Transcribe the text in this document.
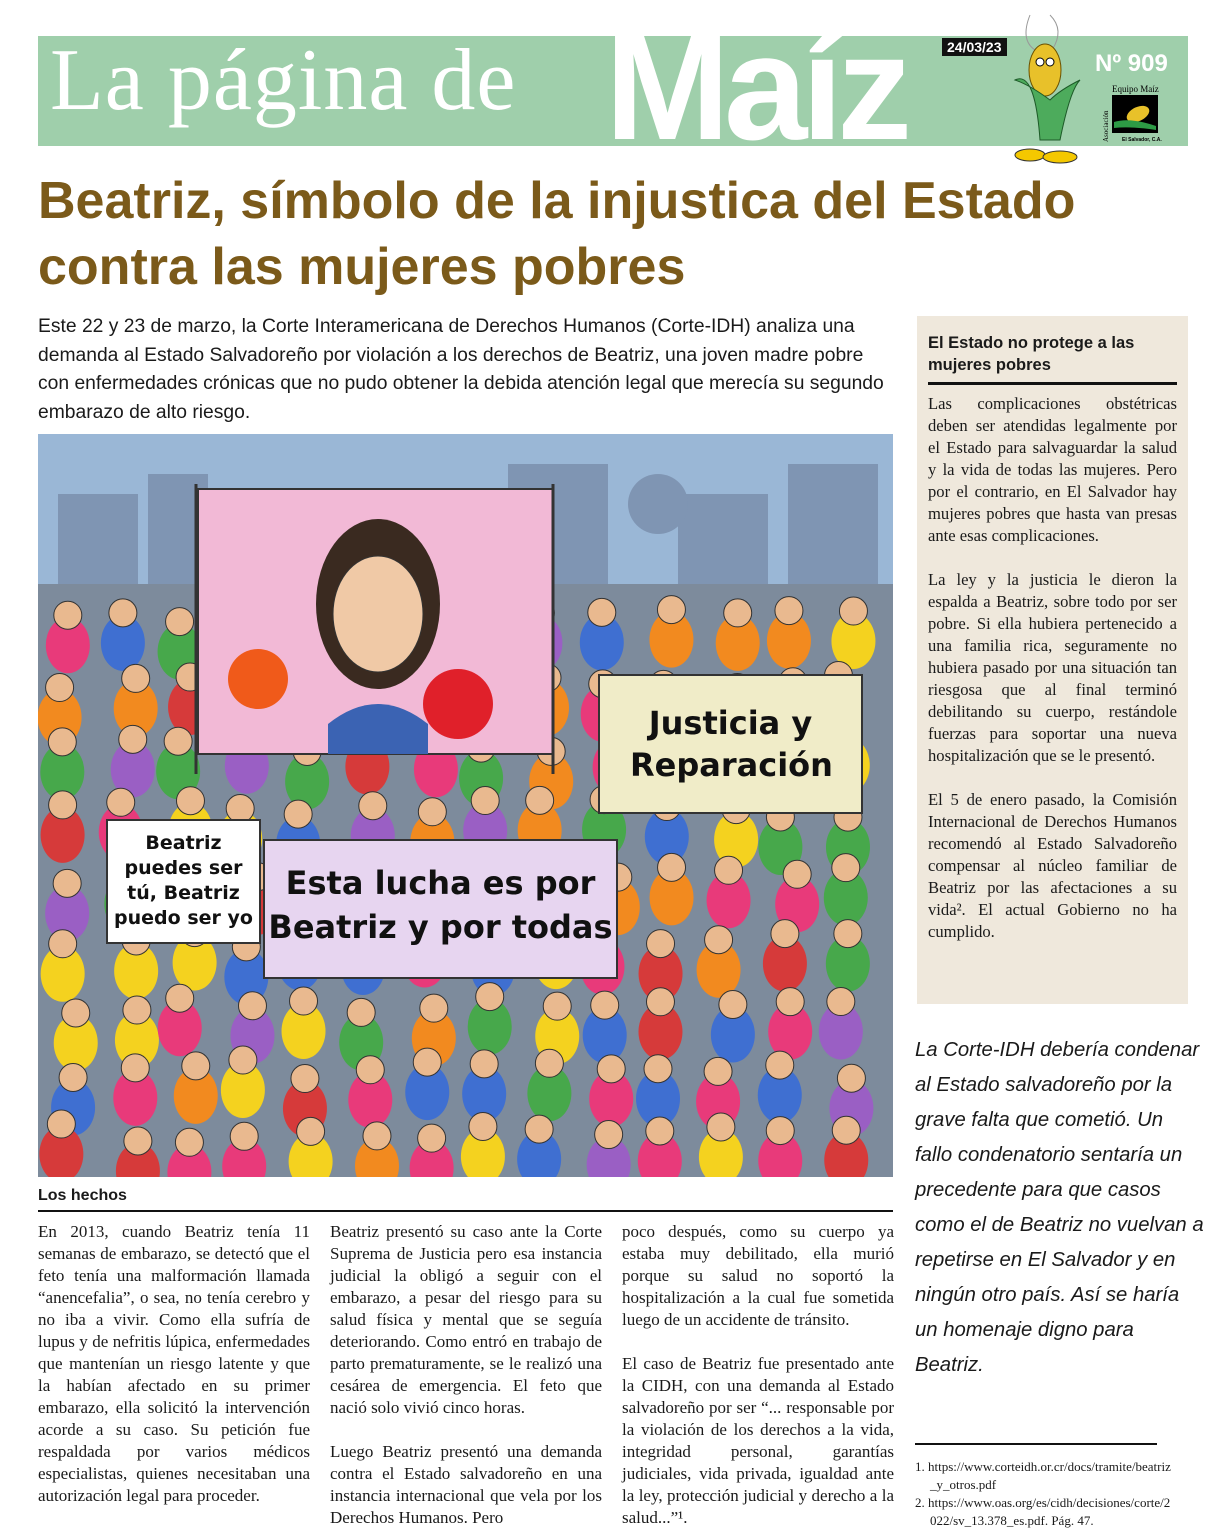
La página de Maíz	24/03/23
Nº 909
Asociación
Equipo Maíz
El Salvador, C.A.
Beatriz, símbolo de la injustica del Estado contra las mujeres pobres
Este 22 y 23 de marzo, la Corte Interamericana de Derechos Humanos (Corte-IDH) analiza una demanda al Estado Salvadoreño por violación a los derechos de Beatriz, una joven madre pobre con enfermedades crónicas que no pudo obtener la debida atención legal que merecía su segundo embarazo de alto riesgo.
Beatriz puedes ser tú, Beatriz puedo ser yo
Esta lucha es por Beatriz y por todas
Justicia y Reparación
Los hechos

En 2013, cuando Beatriz tenía 11 semanas de embarazo, se detectó que el feto tenía una malformación llamada “anencefalia”, o sea, no tenía cerebro y no iba a vivir. Como ella sufría de lupus y de nefritis lúpica, enfermedades que mantenían un riesgo latente y que la habían afectado en su primer embarazo, ella solicitó la intervención acorde a su caso. Su petición fue respaldada por varios médicos especialistas, quienes necesitaban una autorización legal para proceder.

Beatriz presentó su caso ante la Corte Suprema de Justicia pero esa instancia judicial la obligó a seguir con el embarazo, a pesar del riesgo para su salud física y mental que se seguía deteriorando. Como entró en trabajo de parto prematuramente, se le realizó una cesárea de emergencia. El feto que nació solo vivió cinco horas.

Luego Beatriz presentó una demanda contra el Estado salvadoreño en una instancia internacional que vela por los Derechos Humanos. Pero

poco después, como su cuerpo ya estaba muy debilitado, ella murió porque su salud no soportó la hospitalización a la cual fue sometida luego de un accidente de tránsito.

El caso de Beatriz fue presentado ante la CIDH, con una demanda al Estado salvadoreño por ser “... responsable por la violación de los derechos a la vida, integridad personal, garantías judiciales, vida privada, igualdad ante la ley, protección judicial y derecho a la salud...”¹.

El Estado no protege a las mujeres pobres

Las complicaciones obstétricas deben ser atendidas legalmente por el Estado para salvaguardar la salud y la vida de todas las mujeres. Pero por el contrario, en El Salvador hay mujeres pobres que hasta van presas ante esas complicaciones.

La ley y la justicia le dieron la espalda a Beatriz, sobre todo por ser pobre. Si ella hubiera pertenecido a una familia rica, seguramente no hubiera pasado por una situación tan riesgosa que al final terminó debilitando su cuerpo, restándole fuerzas para soportar una nueva hospitalización que se le presentó.

El 5 de enero pasado, la Comisión Internacional de Derechos Humanos recomendó al Estado Salvadoreño compensar al núcleo familiar de Beatriz por las afectaciones a su vida². El actual Gobierno no ha cumplido.

La Corte-IDH debería condenar al Estado salvadoreño por la grave falta que cometió. Un fallo condenatorio sentaría un precedente para que casos como el de Beatriz no vuelvan a repetirse en El Salvador y en ningún otro país. Así se haría un homenaje digno para Beatriz.
1. https://www.corteidh.or.cr/docs/tramite/beatriz_y_otros.pdf
2. https://www.oas.org/es/cidh/decisiones/corte/2022/sv_13.378_es.pdf. Pág. 47.
